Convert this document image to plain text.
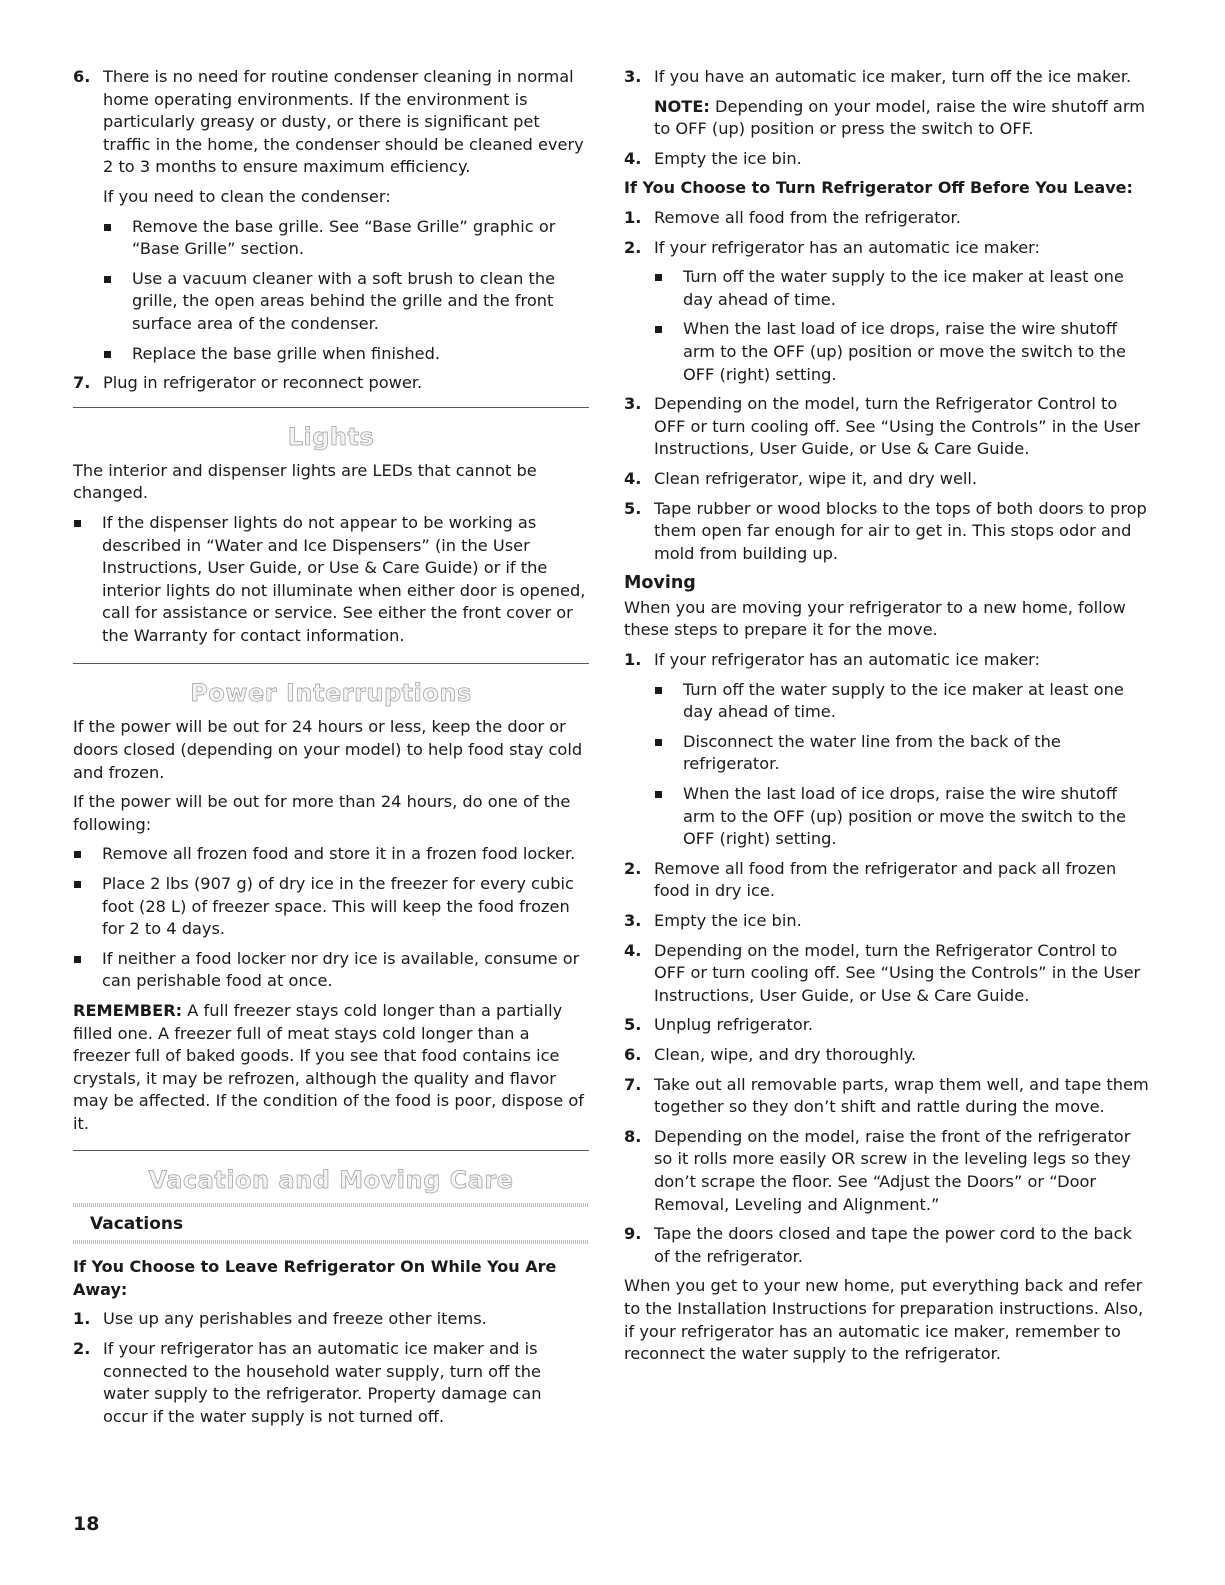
6. There is no need for routine condenser cleaning in normal home operating environments. If the environment is particularly greasy or dusty, or there is significant pet traffic in the home, the condenser should be cleaned every 2 to 3 months to ensure maximum efficiency.

If you need to clean the condenser:

Remove the base grille. See “Base Grille” graphic or “Base Grille” section.
Use a vacuum cleaner with a soft brush to clean the grille, the open areas behind the grille and the front surface area of the condenser.
Replace the base grille when finished.
7. Plug in refrigerator or reconnect power.
Lights

The interior and dispenser lights are LEDs that cannot be changed.

If the dispenser lights do not appear to be working as described in “Water and Ice Dispensers” (in the User Instructions, User Guide, or Use & Care Guide) or if the interior lights do not illuminate when either door is opened, call for assistance or service. See either the front cover or the Warranty for contact information.
Power Interruptions

If the power will be out for 24 hours or less, keep the door or doors closed (depending on your model) to help food stay cold and frozen.

If the power will be out for more than 24 hours, do one of the following:

Remove all frozen food and store it in a frozen food locker.
Place 2 lbs (907 g) of dry ice in the freezer for every cubic foot (28 L) of freezer space. This will keep the food frozen for 2 to 4 days.
If neither a food locker nor dry ice is available, consume or can perishable food at once.

REMEMBER: A full freezer stays cold longer than a partially filled one. A freezer full of meat stays cold longer than a freezer full of baked goods. If you see that food contains ice crystals, it may be refrozen, although the quality and flavor may be affected. If the condition of the food is poor, dispose of it.

Vacation and Moving Care
Vacations
If You Choose to Leave Refrigerator On While You Are Away:
1. Use up any perishables and freeze other items.
2. If your refrigerator has an automatic ice maker and is connected to the household water supply, turn off the water supply to the refrigerator. Property damage can occur if the water supply is not turned off.
3. If you have an automatic ice maker, turn off the ice maker.
NOTE: Depending on your model, raise the wire shutoff arm to OFF (up) position or press the switch to OFF.
4. Empty the ice bin.
If You Choose to Turn Refrigerator Off Before You Leave:
1. Remove all food from the refrigerator.
2. If your refrigerator has an automatic ice maker:
Turn off the water supply to the ice maker at least one day ahead of time.
When the last load of ice drops, raise the wire shutoff arm to the OFF (up) position or move the switch to the OFF (right) setting.
3. Depending on the model, turn the Refrigerator Control to OFF or turn cooling off. See “Using the Controls” in the User Instructions, User Guide, or Use & Care Guide.
4. Clean refrigerator, wipe it, and dry well.
5. Tape rubber or wood blocks to the tops of both doors to prop them open far enough for air to get in. This stops odor and mold from building up.
Moving

When you are moving your refrigerator to a new home, follow these steps to prepare it for the move.

1. If your refrigerator has an automatic ice maker:
Turn off the water supply to the ice maker at least one day ahead of time.
Disconnect the water line from the back of the refrigerator.
When the last load of ice drops, raise the wire shutoff arm to the OFF (up) position or move the switch to the OFF (right) setting.
2. Remove all food from the refrigerator and pack all frozen food in dry ice.
3. Empty the ice bin.
4. Depending on the model, turn the Refrigerator Control to OFF or turn cooling off. See “Using the Controls” in the User Instructions, User Guide, or Use & Care Guide.
5. Unplug refrigerator.
6. Clean, wipe, and dry thoroughly.
7. Take out all removable parts, wrap them well, and tape them together so they don’t shift and rattle during the move.
8. Depending on the model, raise the front of the refrigerator so it rolls more easily OR screw in the leveling legs so they don’t scrape the floor. See “Adjust the Doors” or “Door Removal, Leveling and Alignment.”
9. Tape the doors closed and tape the power cord to the back of the refrigerator.

When you get to your new home, put everything back and refer to the Installation Instructions for preparation instructions. Also, if your refrigerator has an automatic ice maker, remember to reconnect the water supply to the refrigerator.

18
